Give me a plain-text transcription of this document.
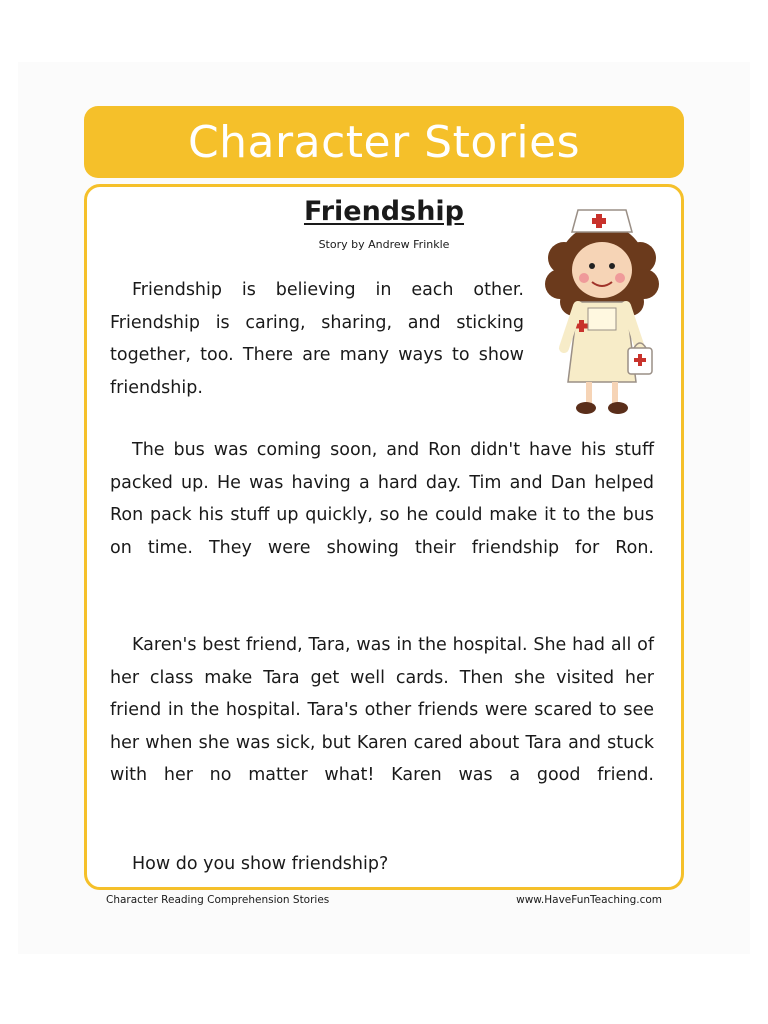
Character Stories
Friendship
Story by Andrew Frinkle

Friendship is believing in each other. Friendship is caring, sharing, and sticking together, too. There are many ways to show friendship.

The bus was coming soon, and Ron didn't have his stuff packed up. He was having a hard day. Tim and Dan helped Ron pack his stuff up quickly, so he could make it to the bus on time. They were showing their friendship for Ron.

Karen's best friend, Tara, was in the hospital. She had all of her class make Tara get well cards. Then she visited her friend in the hospital. Tara's other friends were scared to see her when she was sick, but Karen cared about Tara and stuck with her no matter what! Karen was a good friend.

How do you show friendship?
Character Reading Comprehension Stories	www.HaveFunTeaching.com
